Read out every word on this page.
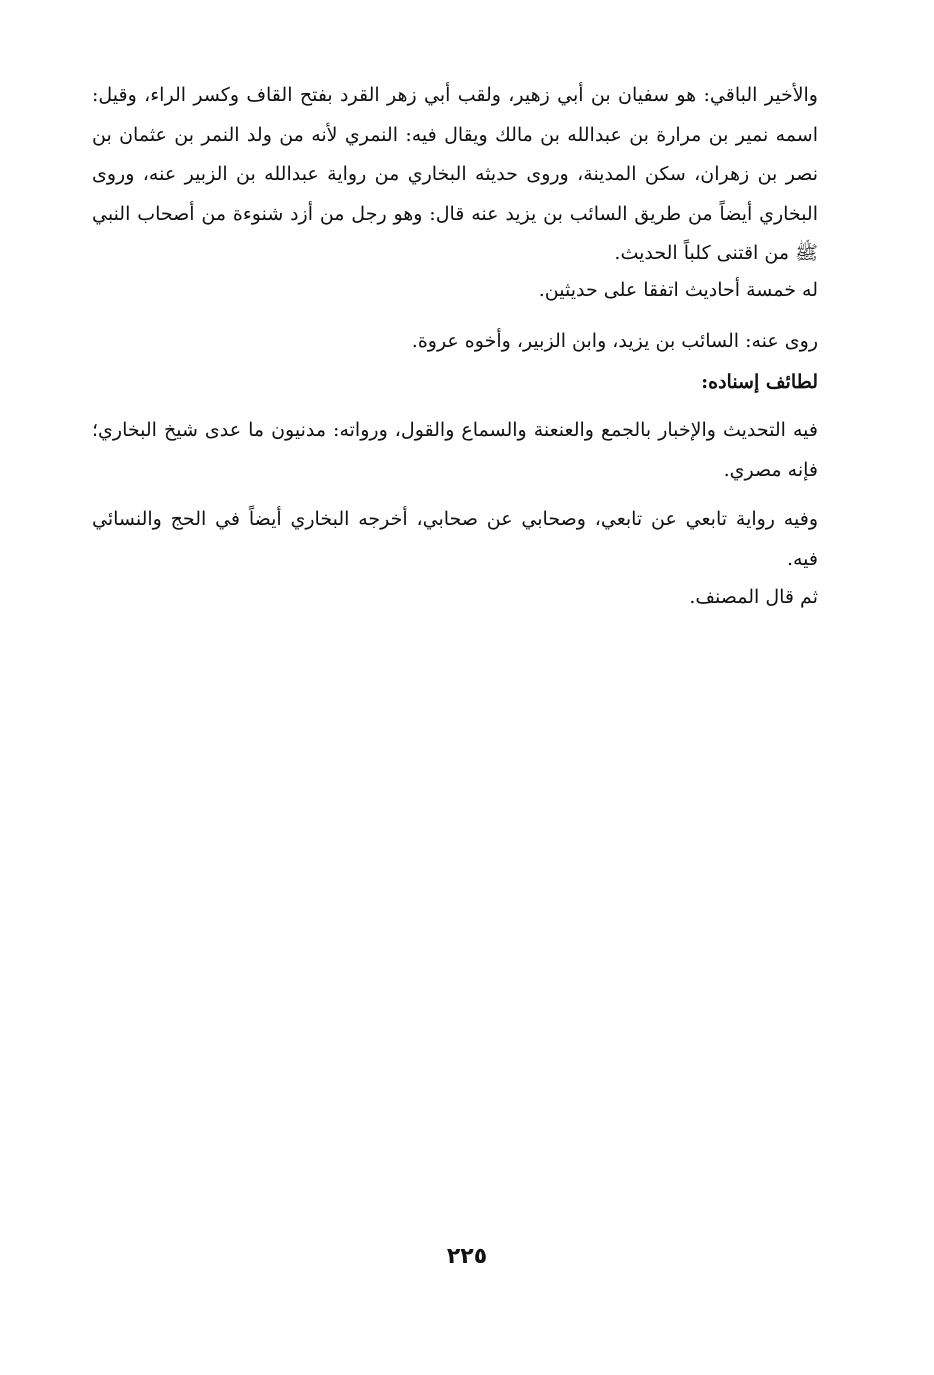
والأخير الباقي: هو سفيان بن أبي زهير، ولقب أبي زهر القرد بفتح القاف وكسر الراء، وقيل: اسمه نمير بن مرارة بن عبدالله بن مالك ويقال فيه: النمري لأنه من ولد النمر بن عثمان بن نصر بن زهران، سكن المدينة، وروى حديثه البخاري من رواية عبدالله بن الزبير عنه، وروى البخاري أيضاً من طريق السائب بن يزيد عنه قال: وهو رجل من أزد شنوءة من أصحاب النبي ﷺ من اقتنى كلباً الحديث.

له خمسة أحاديث اتفقا على حديثين.

روى عنه: السائب بن يزيد، وابن الزبير، وأخوه عروة.

لطائف إسناده:

فيه التحديث والإخبار بالجمع والعنعنة والسماع والقول، ورواته: مدنيون ما عدى شيخ البخاري؛ فإنه مصري.

وفيه رواية تابعي عن تابعي، وصحابي عن صحابي، أخرجه البخاري أيضاً في الحج والنسائي فيه.

ثم قال المصنف.

٢٢٥
